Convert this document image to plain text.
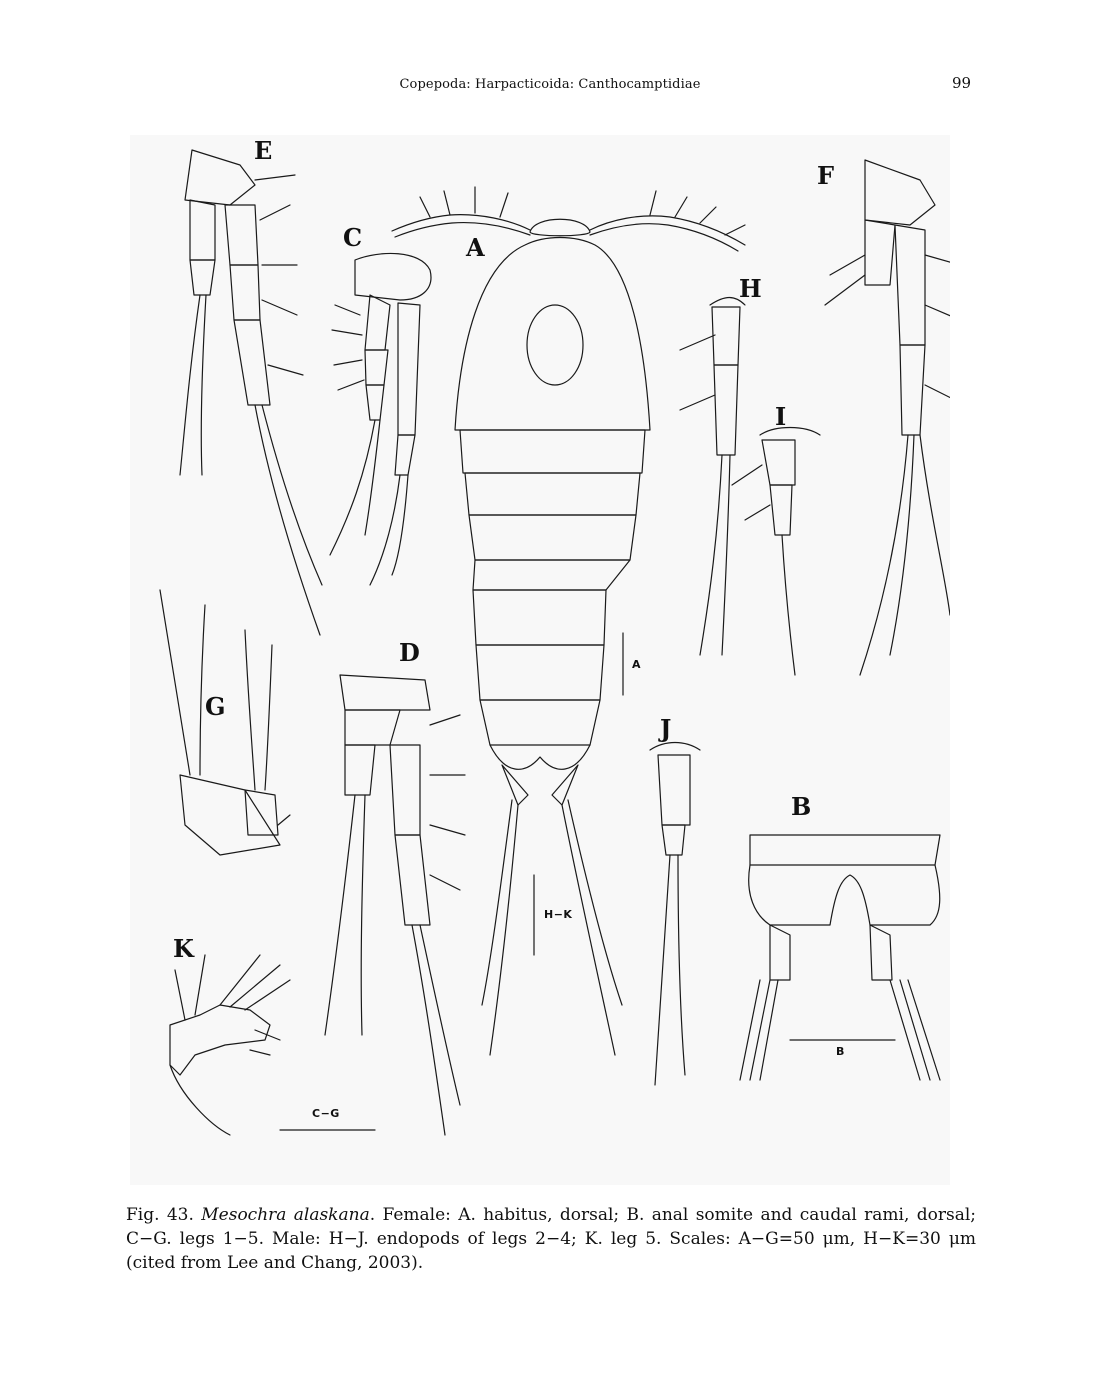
Copepoda: Harpacticoida: Canthocamptidiae	99
A
B
C
D
E
F
G
H
I
J
K
A
H−K
B
C−G
Fig. 43. Mesochra alaskana. Female: A. habitus, dorsal; B. anal somite and caudal rami, dorsal; C−G. legs 1−5. Male: H−J. endopods of legs 2−4; K. leg 5. Scales: A−G=50 μm, H−K=30 μm (cited from Lee and Chang, 2003).
